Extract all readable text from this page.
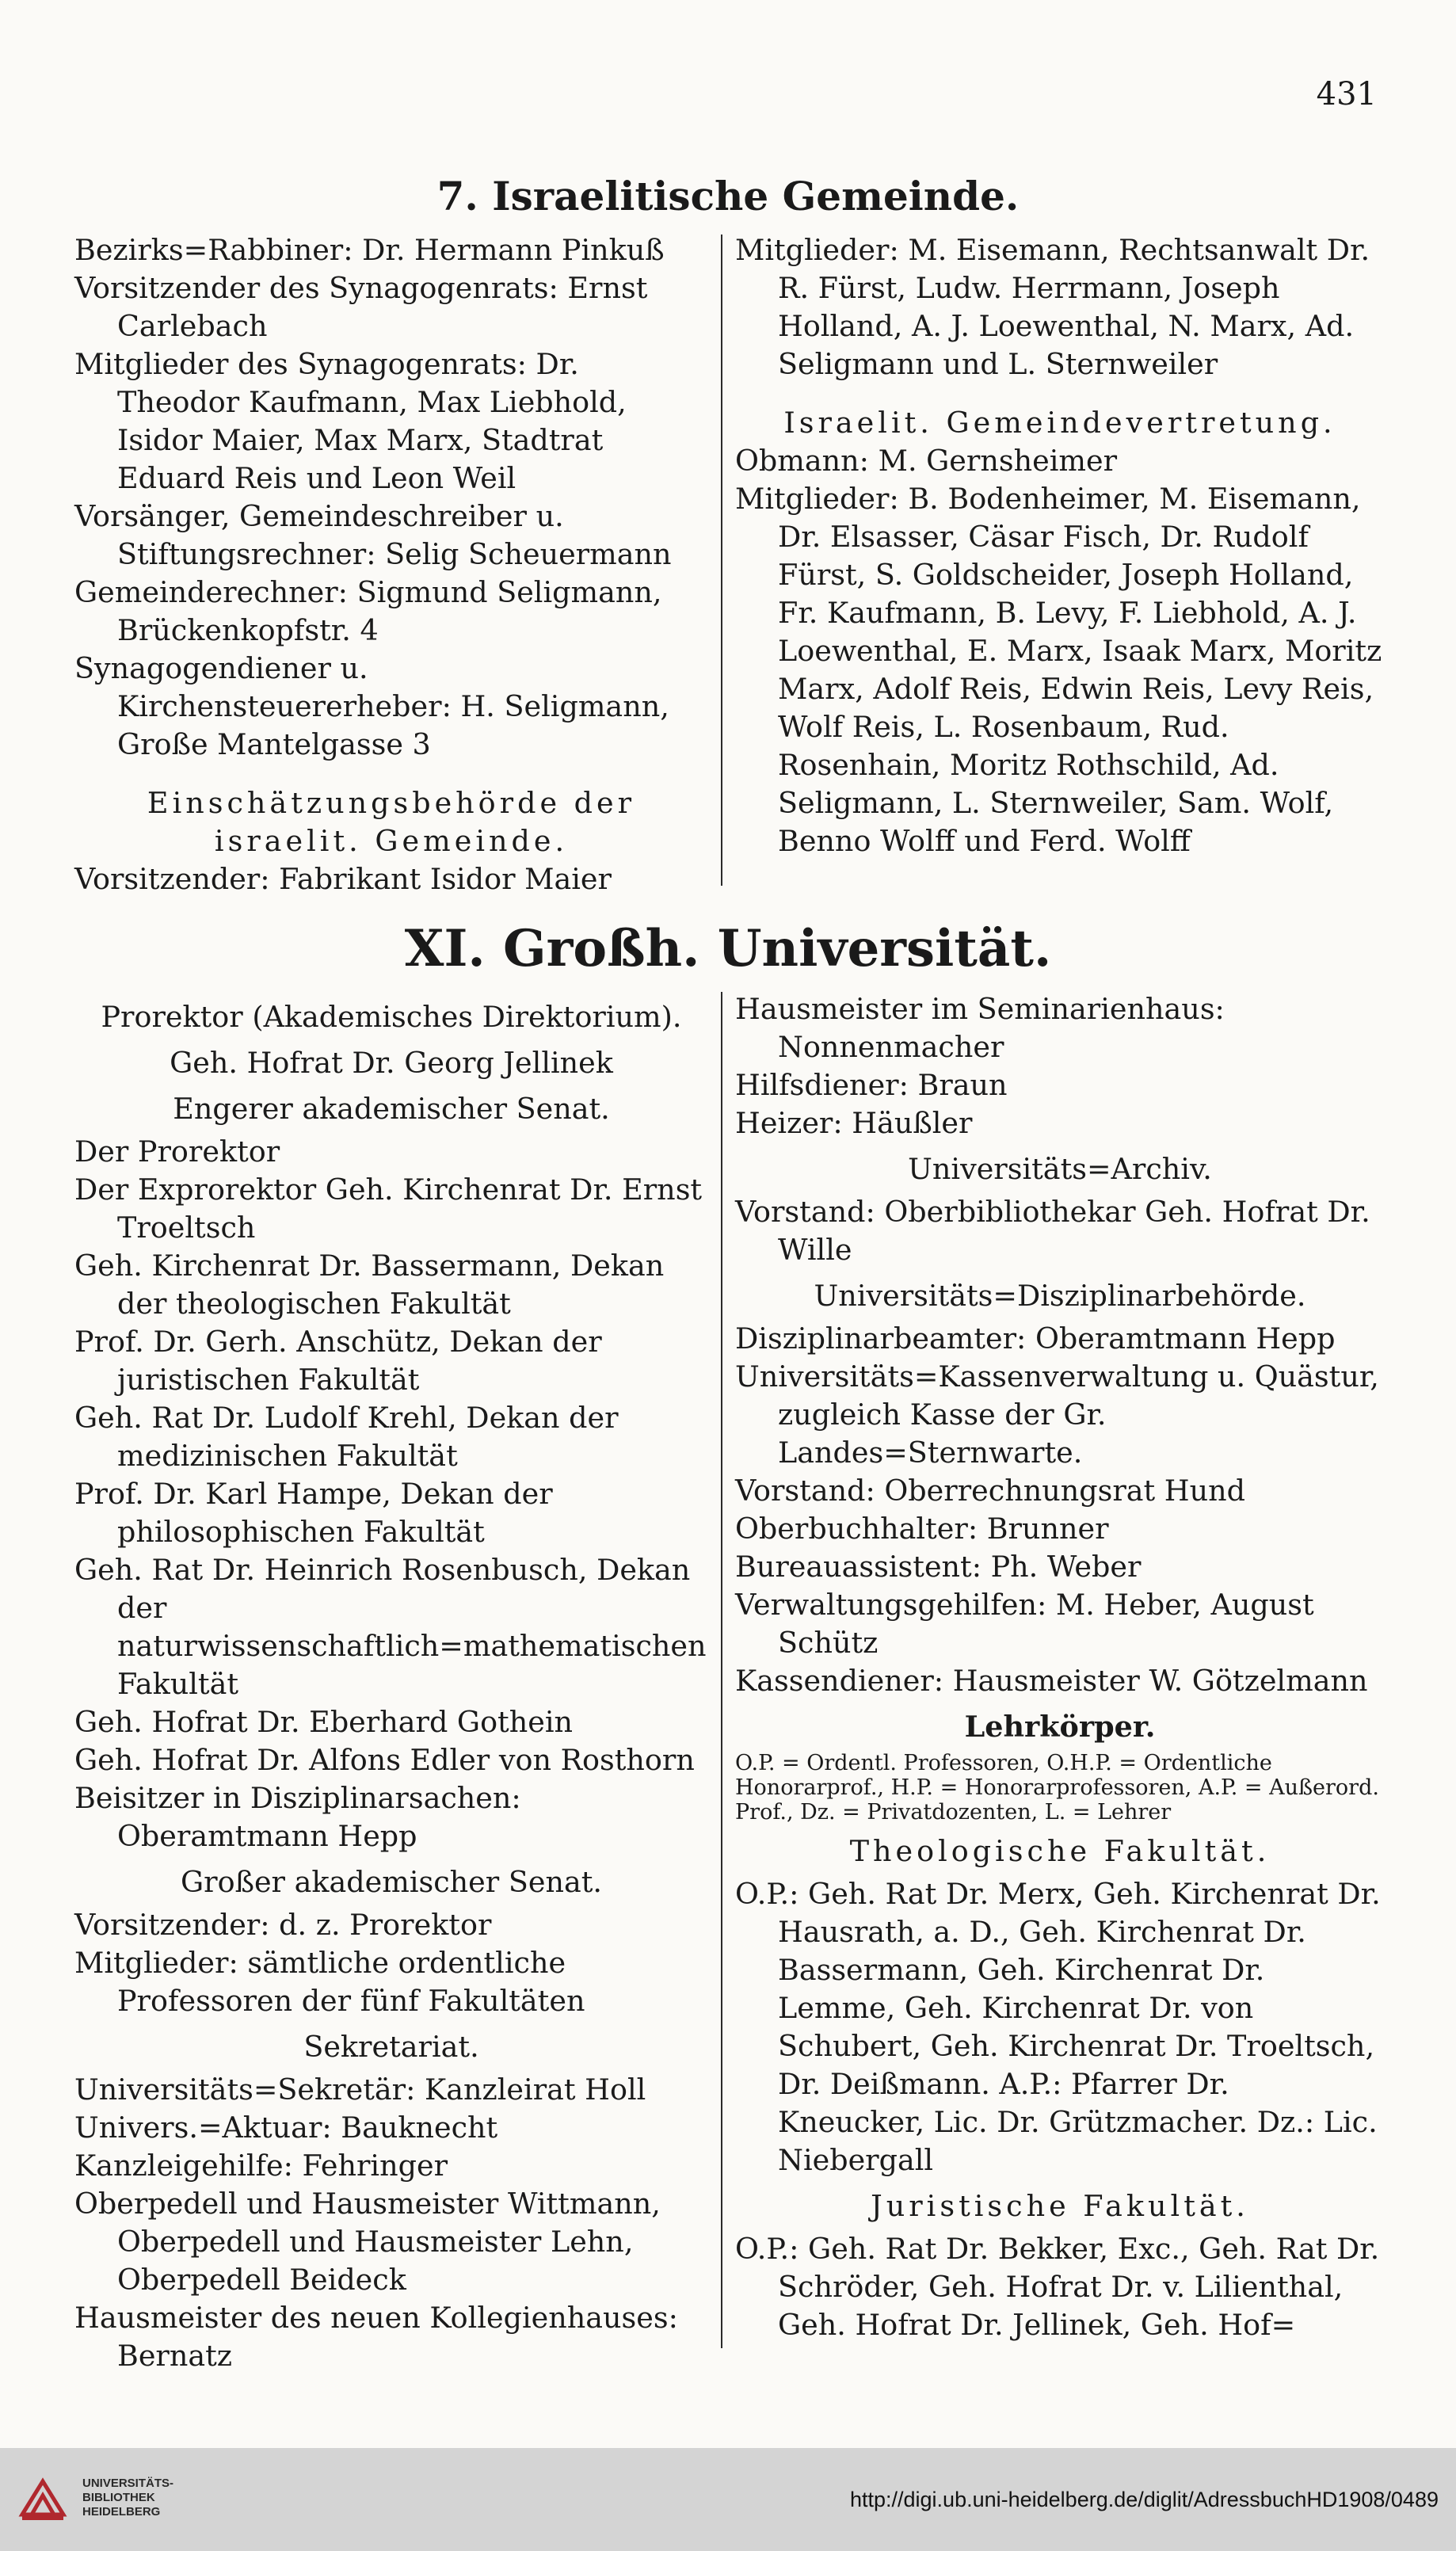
431
7. Israelitische Gemeinde.

Bezirks=Rabbiner: Dr. Hermann Pinkuß

Vorsitzender des Synagogenrats: Ernst Carlebach

Mitglieder des Synagogenrats: Dr. Theodor Kaufmann, Max Liebhold, Isidor Maier, Max Marx, Stadtrat Eduard Reis und Leon Weil

Vorsänger, Gemeindeschreiber u. Stiftungsrechner: Selig Scheuermann

Gemeinderechner: Sigmund Seligmann, Brückenkopfstr. 4

Synagogendiener u. Kirchensteuererheber: H. Seligmann, Große Mantelgasse 3

Einschätzungsbehörde der israelit. Gemeinde.

Vorsitzender: Fabrikant Isidor Maier

Mitglieder: M. Eisemann, Rechtsanwalt Dr. R. Fürst, Ludw. Herrmann, Joseph Holland, A. J. Loewenthal, N. Marx, Ad. Seligmann und L. Sternweiler

Israelit. Gemeindevertretung.

Obmann: M. Gernsheimer

Mitglieder: B. Bodenheimer, M. Eisemann, Dr. Elsasser, Cäsar Fisch, Dr. Rudolf Fürst, S. Goldscheider, Joseph Holland, Fr. Kaufmann, B. Levy, F. Liebhold, A. J. Loewenthal, E. Marx, Isaak Marx, Moritz Marx, Adolf Reis, Edwin Reis, Levy Reis, Wolf Reis, L. Rosenbaum, Rud. Rosenhain, Moritz Rothschild, Ad. Seligmann, L. Sternweiler, Sam. Wolf, Benno Wolff und Ferd. Wolff

XI. Großh. Universität.

Prorektor (Akademisches Direktorium).

Geh. Hofrat Dr. Georg Jellinek

Engerer akademischer Senat.

Der Prorektor

Der Exprorektor Geh. Kirchenrat Dr. Ernst Troeltsch

Geh. Kirchenrat Dr. Bassermann, Dekan der theologischen Fakultät

Prof. Dr. Gerh. Anschütz, Dekan der juristischen Fakultät

Geh. Rat Dr. Ludolf Krehl, Dekan der medizinischen Fakultät

Prof. Dr. Karl Hampe, Dekan der philosophischen Fakultät

Geh. Rat Dr. Heinrich Rosenbusch, Dekan der naturwissenschaftlich=mathematischen Fakultät

Geh. Hofrat Dr. Eberhard Gothein

Geh. Hofrat Dr. Alfons Edler von Rosthorn

Beisitzer in Disziplinarsachen: Oberamtmann Hepp

Großer akademischer Senat.

Vorsitzender: d. z. Prorektor

Mitglieder: sämtliche ordentliche Professoren der fünf Fakultäten

Sekretariat.

Universitäts=Sekretär: Kanzleirat Holl

Univers.=Aktuar: Bauknecht

Kanzleigehilfe: Fehringer

Oberpedell und Hausmeister Wittmann, Oberpedell und Hausmeister Lehn, Oberpedell Beideck

Hausmeister des neuen Kollegienhauses: Bernatz

Hausmeister im Seminarienhaus: Nonnenmacher

Hilfsdiener: Braun

Heizer: Häußler

Universitäts=Archiv.

Vorstand: Oberbibliothekar Geh. Hofrat Dr. Wille

Universitäts=Disziplinarbehörde.

Disziplinarbeamter: Oberamtmann Hepp

Universitäts=Kassenverwaltung u. Quästur, zugleich Kasse der Gr. Landes=Sternwarte.

Vorstand: Oberrechnungsrat Hund

Oberbuchhalter: Brunner

Bureauassistent: Ph. Weber

Verwaltungsgehilfen: M. Heber, August Schütz

Kassendiener: Hausmeister W. Götzelmann

Lehrkörper.

O.P. = Ordentl. Professoren, O.H.P. = Ordentliche Honorarprof., H.P. = Honorarprofessoren, A.P. = Außerord. Prof., Dz. = Privatdozenten, L. = Lehrer

Theologische Fakultät.

O.P.: Geh. Rat Dr. Merx, Geh. Kirchenrat Dr. Hausrath, a. D., Geh. Kirchenrat Dr. Bassermann, Geh. Kirchenrat Dr. Lemme, Geh. Kirchenrat Dr. von Schubert, Geh. Kirchenrat Dr. Troeltsch, Dr. Deißmann. A.P.: Pfarrer Dr. Kneucker, Lic. Dr. Grützmacher. Dz.: Lic. Niebergall

Juristische Fakultät.

O.P.: Geh. Rat Dr. Bekker, Exc., Geh. Rat Dr. Schröder, Geh. Hofrat Dr. v. Lilienthal, Geh. Hofrat Dr. Jellinek, Geh. Hof=

UNIVERSITÄTS-
BIBLIOTHEK
HEIDELBERG
http://digi.ub.uni-heidelberg.de/diglit/AdressbuchHD1908/0489
